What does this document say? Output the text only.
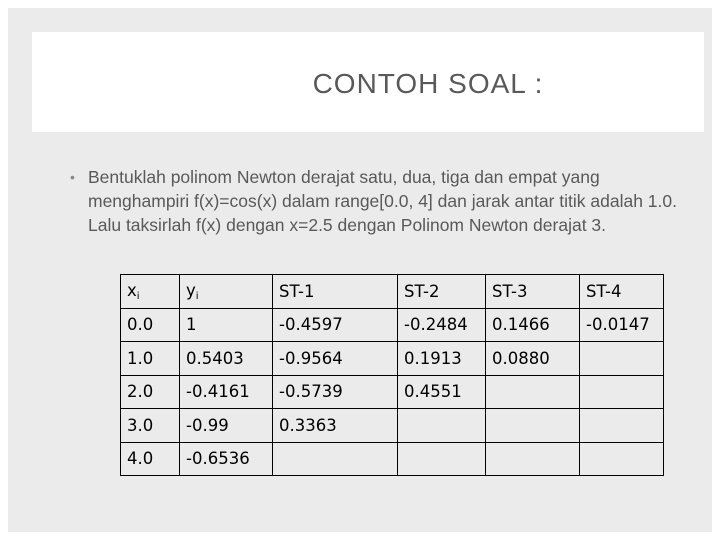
CONTOH SOAL :
• Bentuklah polinom Newton derajat satu, dua, tiga dan empat yang menghampiri f(x)=cos(x) dalam range[0.0, 4] dan jarak antar titik adalah 1.0. Lalu taksirlah f(x) dengan x=2.5 dengan Polinom Newton derajat 3.
$x_i$	$y_i$	ST-1	ST-2	ST-3	ST-4
0.0	1	-0.4597	-0.2484	0.1466	-0.0147
1.0	0.5403	-0.9564	0.1913	0.0880	
2.0	-0.4161	-0.5739	0.4551		
3.0	-0.99	0.3363			
4.0	-0.6536				
